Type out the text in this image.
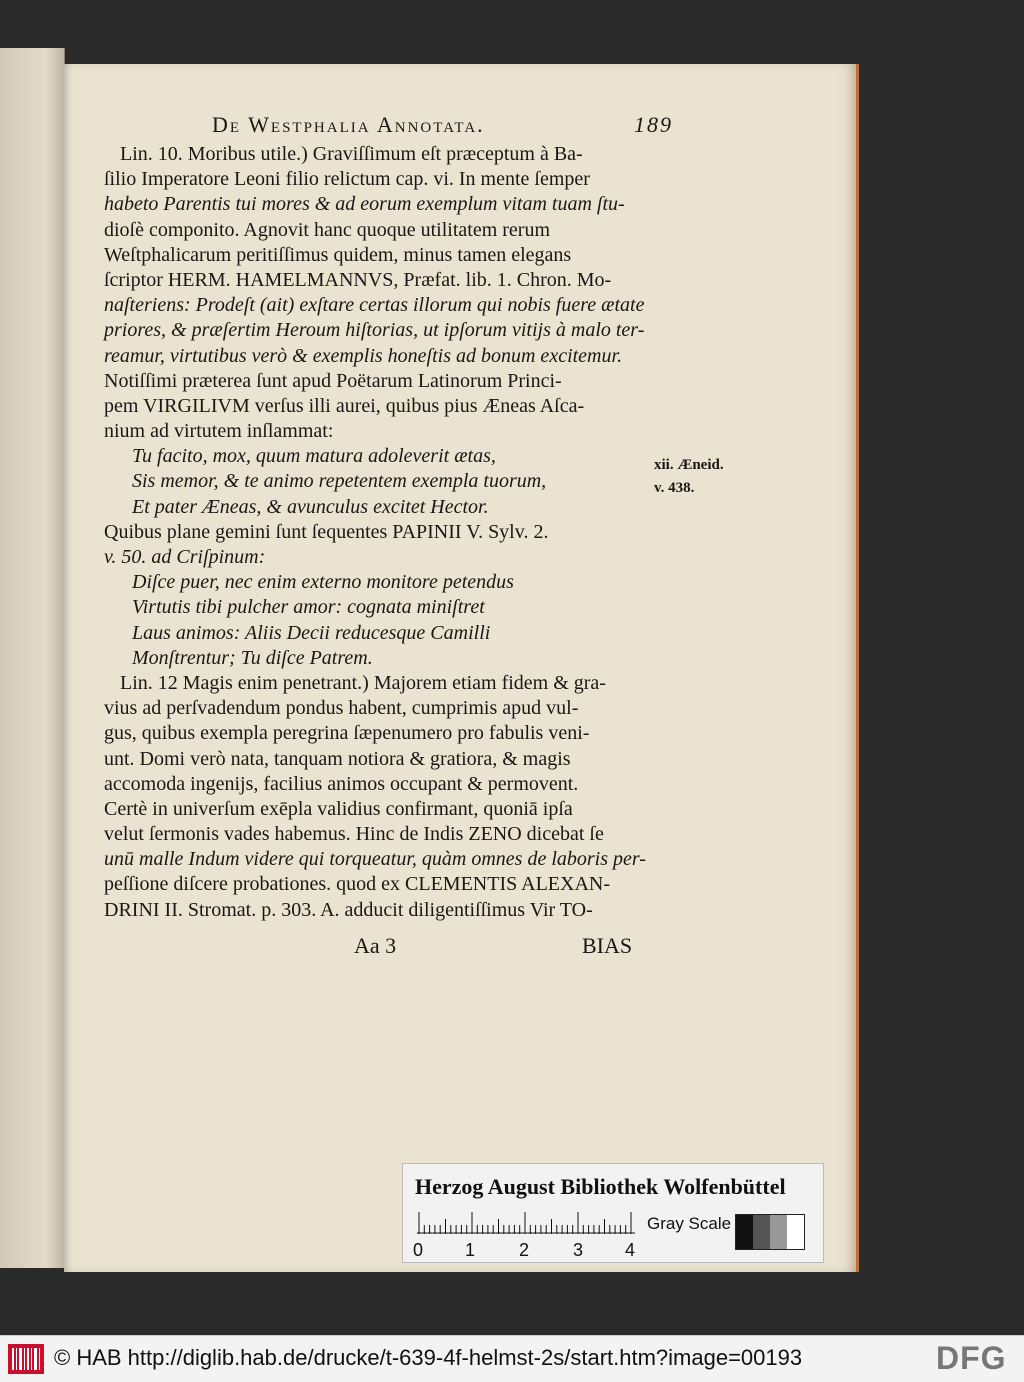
De Westphalia Annotata.	189
Lin. 10. Moribus utile.) Graviſſimum eſt præceptum à Ba-
ſilio Imperatore Leoni filio relictum cap. vi. In mente ſemper
habeto Parentis tui mores & ad eorum exemplum vitam tuam ſtu-
dioſè componito. Agnovit hanc quoque utilitatem rerum
Weſtphalicarum peritiſſimus quidem, minus tamen elegans
ſcriptor HERM. HAMELMANNVS, Præfat. lib. 1. Chron. Mo-
naſteriens: Prodeſt (ait) exſtare certas illorum qui nobis fuere ætate
priores, & præſertim Heroum hiſtorias, ut ipſorum vitijs à malo ter-
reamur, virtutibus verò & exemplis honeſtis ad bonum excitemur.
Notiſſimi præterea ſunt apud Poëtarum Latinorum Princi-
pem VIRGILIVM verſus illi aurei, quibus pius Æneas Aſca-
nium ad virtutem inſlammat:
Tu facito, mox, quum matura adoleverit ætas,
Sis memor, & te animo repetentem exempla tuorum,
Et pater Æneas, & avunculus excitet Hector.
Quibus plane gemini ſunt ſequentes PAPINII V. Sylv. 2.
v. 50. ad Criſpinum:
Diſce puer, nec enim externo monitore petendus
Virtutis tibi pulcher amor: cognata miniſtret
Laus animos: Aliis Decii reducesque Camilli
Monſtrentur; Tu diſce Patrem.
Lin. 12 Magis enim penetrant.) Majorem etiam fidem & gra-
vius ad perſvadendum pondus habent, cumprimis apud vul-
gus, quibus exempla peregrina ſæpenumero pro fabulis veni-
unt. Domi verò nata, tanquam notiora & gratiora, & magis
accomoda ingenijs, facilius animos occupant & permovent.
Certè in univerſum exēpla validius confirmant, quoniā ipſa
velut ſermonis vades habemus. Hinc de Indis ZENO dicebat ſe
unū malle Indum videre qui torqueatur, quàm omnes de laboris per-
peſſione diſcere probationes. quod ex CLEMENTIS ALEXAN-
DRINI II. Stromat. p. 303. A. adducit diligentiſſimus Vir TO-
Aa 3	BIAS
xii. Æneid.
v. 438.
Herzog August Bibliothek Wolfenbüttel
0 1 2 3 4
Gray Scale
© HAB http://diglib.hab.de/drucke/t-639-4f-helmst-2s/start.htm?image=00193	DFG
